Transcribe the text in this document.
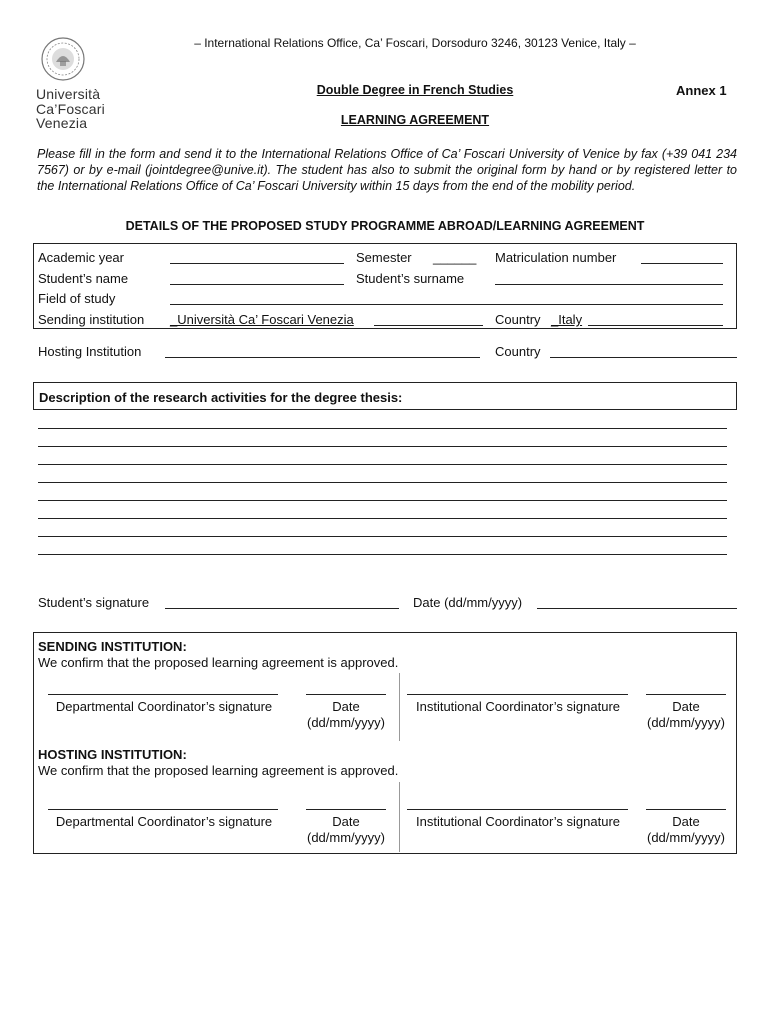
– International Relations Office, Ca’ Foscari, Dorsoduro 3246, 30123 Venice, Italy –
Università
Ca’Foscari
Venezia
Double Degree in French Studies	Annex 1
LEARNING AGREEMENT
Please fill in the form and send it to the International Relations Office of Ca’ Foscari University of Venice by fax (+39 041 234 7567) or by e-mail (jointdegree@unive.it). The student has also to submit the original form by hand or by registered letter to the International Relations Office of Ca’ Foscari University within 15 days from the end of the mobility period.
DETAILS OF THE PROPOSED STUDY PROGRAMME ABROAD/LEARNING AGREEMENT
Academic year	Semester ______ Matriculation number
Student’s name	Student’s surname
Field of study
Sending institution _Università Ca’ Foscari Venezia	Country _Italy
Hosting Institution	Country
Description of the research activities for the degree thesis:
Student’s signature	Date (dd/mm/yyyy)
SENDING INSTITUTION:
We confirm that the proposed learning agreement is approved.
Departmental Coordinator’s signature	Date
(dd/mm/yyyy)
Institutional Coordinator’s signature	Date
(dd/mm/yyyy)
HOSTING INSTITUTION:
We confirm that the proposed learning agreement is approved.
Departmental Coordinator’s signature	Date
(dd/mm/yyyy)
Institutional Coordinator’s signature	Date
(dd/mm/yyyy)
